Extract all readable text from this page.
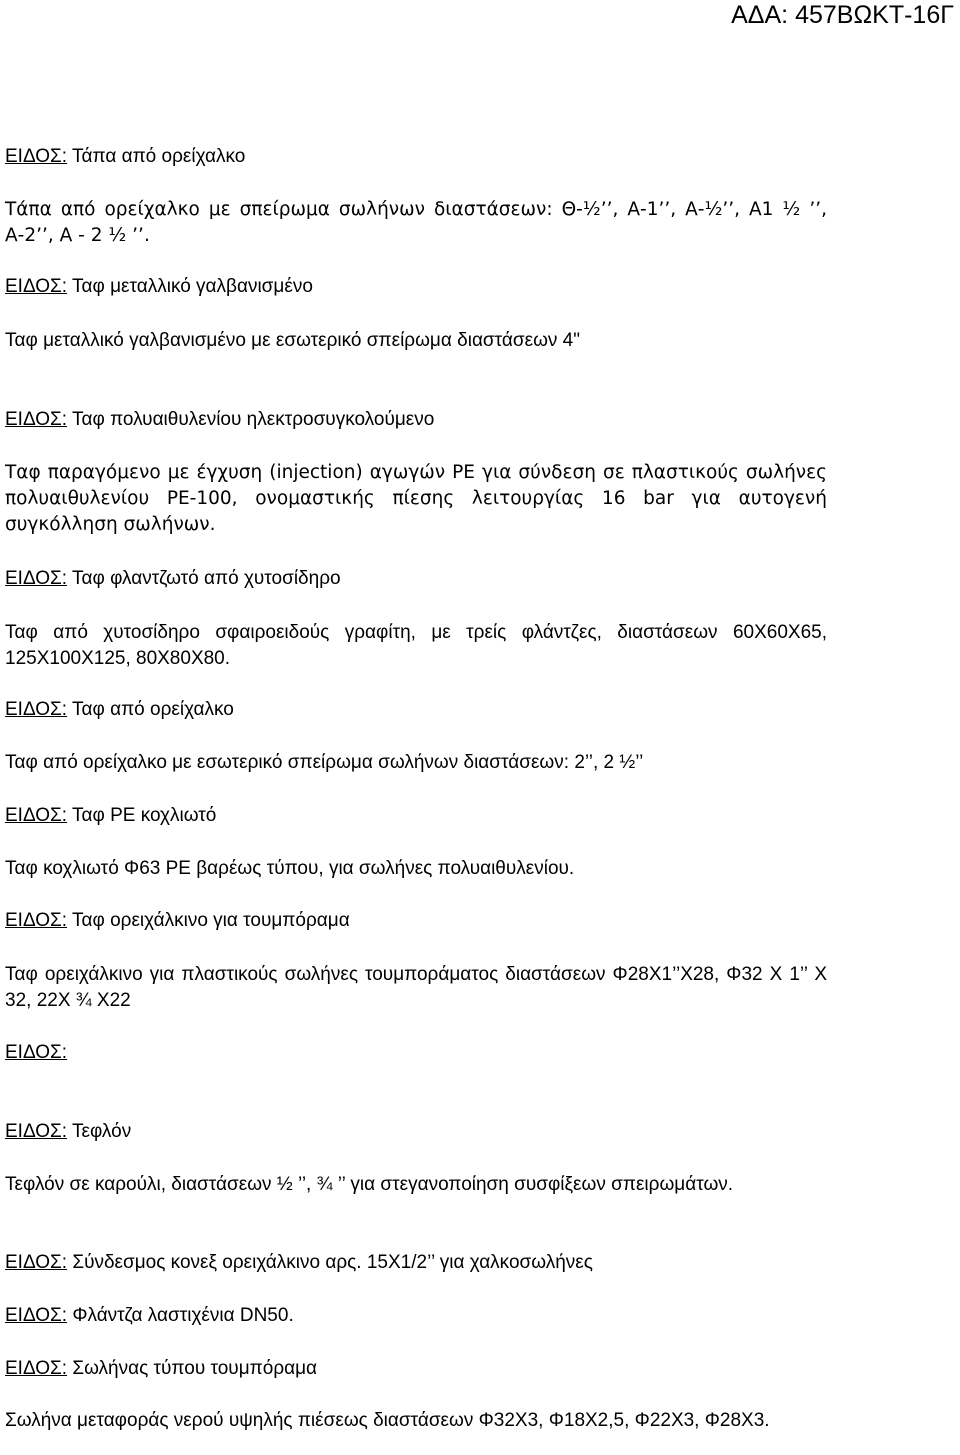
ΑΔΑ: 457ΒΩΚΤ-16Γ

ΕΙΔΟΣ: Τάπα από ορείχαλκο

Τάπα από ορείχαλκο με σπείρωμα σωλήνων διαστάσεων: Θ-½’’, Α-1’’, Α-½’’, Α1 ½ ’’, Α-2’’, Α - 2 ½ ’’.

ΕΙΔΟΣ: Ταφ μεταλλικό γαλβανισμένο

Ταφ μεταλλικό γαλβανισμένο με εσωτερικό σπείρωμα διαστάσεων 4"

ΕΙΔΟΣ: Ταφ πολυαιθυλενίου ηλεκτροσυγκολούμενο

Ταφ παραγόμενο με έγχυση (injection) αγωγών PE για σύνδεση σε πλαστικούς σωλήνες πολυαιθυλενίου PE-100, ονομαστικής πίεσης λειτουργίας 16 bar για αυτογενή συγκόλληση σωλήνων.

ΕΙΔΟΣ: Ταφ φλαντζωτό από χυτοσίδηρο

Ταφ από χυτοσίδηρο σφαιροειδούς γραφίτη, με τρείς φλάντζες, διαστάσεων 60Χ60Χ65, 125Χ100Χ125, 80Χ80Χ80.

ΕΙΔΟΣ: Ταφ από ορείχαλκο

Ταφ από ορείχαλκο με εσωτερικό σπείρωμα σωλήνων διαστάσεων: 2’’, 2 ½’’

ΕΙΔΟΣ: Ταφ PE κοχλιωτό

Ταφ κοχλιωτό Φ63 PE βαρέως τύπου, για σωλήνες πολυαιθυλενίου.

ΕΙΔΟΣ: Ταφ ορειχάλκινο για τουμπόραμα

Ταφ ορειχάλκινο για πλαστικούς σωλήνες τουμποράματος διαστάσεων Φ28Χ1’’Χ28, Φ32 Χ 1’’ Χ 32, 22Χ ¾ Χ22

ΕΙΔΟΣ:

ΕΙΔΟΣ: Τεφλόν

Τεφλόν σε καρούλι, διαστάσεων ½ ’’, ¾ ’’ για στεγανοποίηση συσφίξεων σπειρωμάτων.

ΕΙΔΟΣ: Σύνδεσμος κονεξ ορειχάλκινο αρς. 15Χ1/2’’ για χαλκοσωλήνες

ΕΙΔΟΣ: Φλάντζα λαστιχένια DN50.

ΕΙΔΟΣ: Σωλήνας τύπου τουμπόραμα

Σωλήνα μεταφοράς νερού υψηλής πιέσεως διαστάσεων Φ32Χ3, Φ18Χ2,5, Φ22Χ3, Φ28Χ3.
